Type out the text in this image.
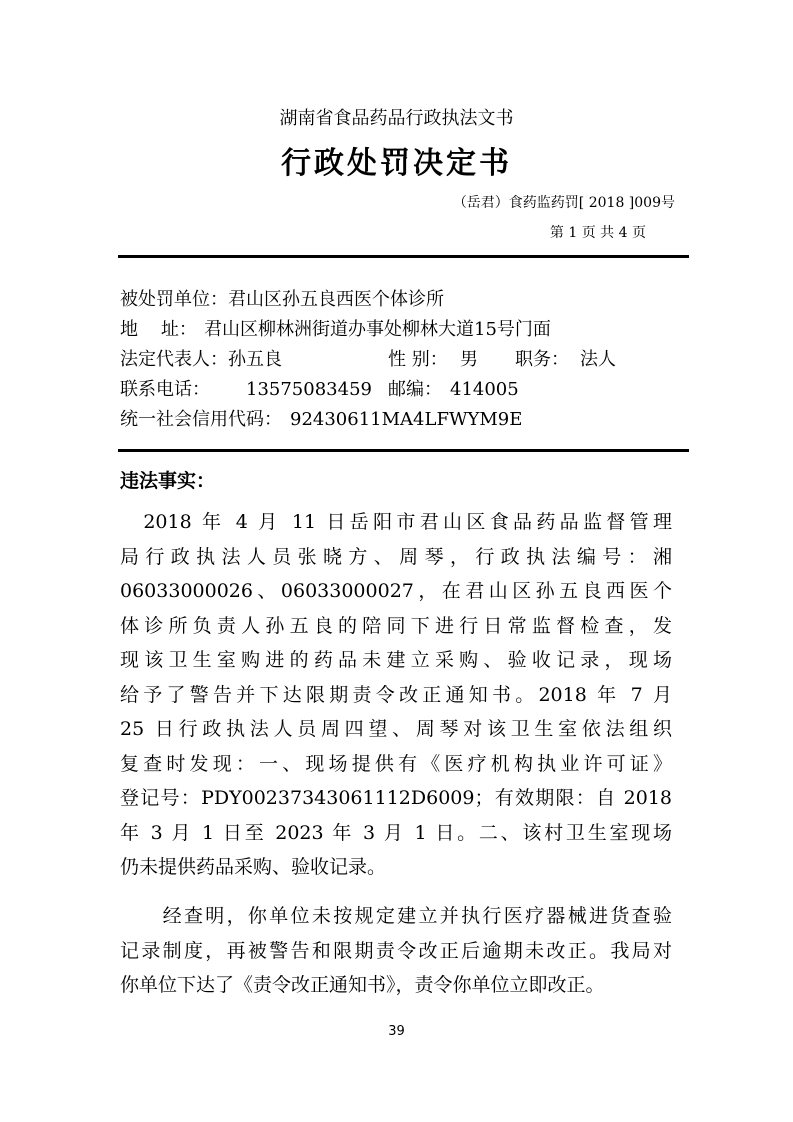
湖南省食品药品行政执法文书
行政处罚决定书
（岳君）食药监药罚[ 2018 ]009号
第 1 页 共 4 页
被处罚单位： 君山区孙五良西医个体诊所
地    址： 君山区柳林洲街道办事处柳林大道15号门面
法定代表人： 孙五良	性 别： 男 职务： 法人
联系电话： 13575083459 邮编： 414005
统一社会信用代码： 92430611MA4LFWYM9E
违法事实：
　2018 年 4 月 11 日岳阳市君山区食品药品监督管理
局行政执法人员张晓方、周琴，行政执法编号：湘
06033000026、06033000027，在君山区孙五良西医个
体诊所负责人孙五良的陪同下进行日常监督检查，发
现该卫生室购进的药品未建立采购、验收记录，现场
给予了警告并下达限期责令改正通知书。2018 年 7 月
25 日行政执法人员周四望、周琴对该卫生室依法组织
复查时发现：一、现场提供有《医疗机构执业许可证》
登记号：PDY00237343061112D6009；有效期限：自 2018
年 3 月 1 日至 2023 年 3 月 1 日。二、该村卫生室现场
仍未提供药品采购、验收记录。
　　经查明，你单位未按规定建立并执行医疗器械进货查验
记录制度，再被警告和限期责令改正后逾期未改正。我局对
你单位下达了《责令改正通知书》，责令你单位立即改正。
39
